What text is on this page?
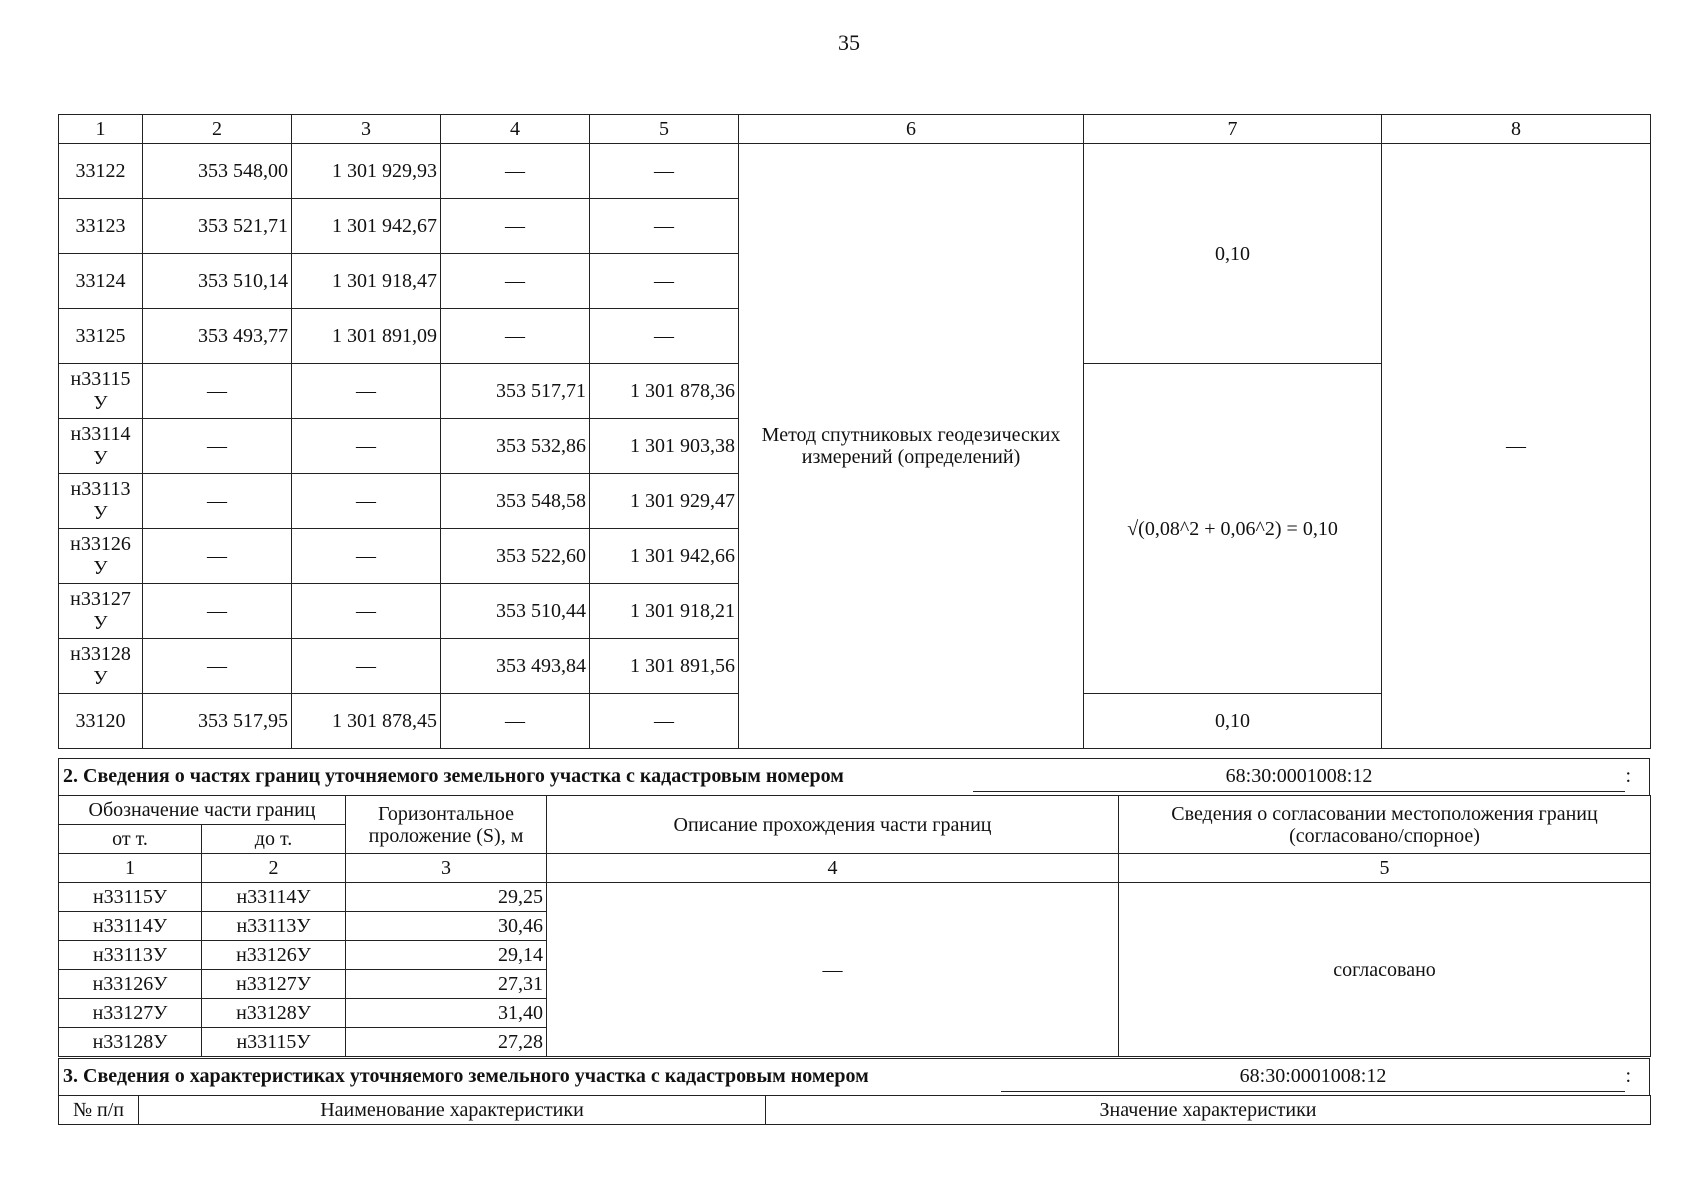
35
1	2	3	4	5	6	7	8
33122	353 548,00	1 301 929,93	—	—	Метод спутниковых геодезических измерений (определений)	0,10	—
33123	353 521,71	1 301 942,67	—	—			
33124	353 510,14	1 301 918,47	—	—			
33125	353 493,77	1 301 891,09	—	—			
н33115 У	—	—	353 517,71	1 301 878,36		√(0,08^2 + 0,06^2) = 0,10	
н33114 У	—	—	353 532,86	1 301 903,38			
н33113 У	—	—	353 548,58	1 301 929,47			
н33126 У	—	—	353 522,60	1 301 942,66			
н33127 У	—	—	353 510,44	1 301 918,21			
н33128 У	—	—	353 493,84	1 301 891,56			
33120	353 517,95	1 301 878,45	—	—		0,10	
2. Сведения о частях границ уточняемого земельного участка с кадастровым номером	68:30:0001008:12	:
Обозначение части границ		Горизонтальное проложение (S), м	Описание прохождения части границ	Сведения о согласовании местоположения границ (согласовано/спорное)
от т.	до т.			
1	2	3	4	5
н33115У	н33114У	29,25	—	согласовано
н33114У	н33113У	30,46		
н33113У	н33126У	29,14		
н33126У	н33127У	27,31		
н33127У	н33128У	31,40		
н33128У	н33115У	27,28		
3. Сведения о характеристиках уточняемого земельного участка с кадастровым номером	68:30:0001008:12	:
№ п/п	Наименование характеристики	Значение характеристики
